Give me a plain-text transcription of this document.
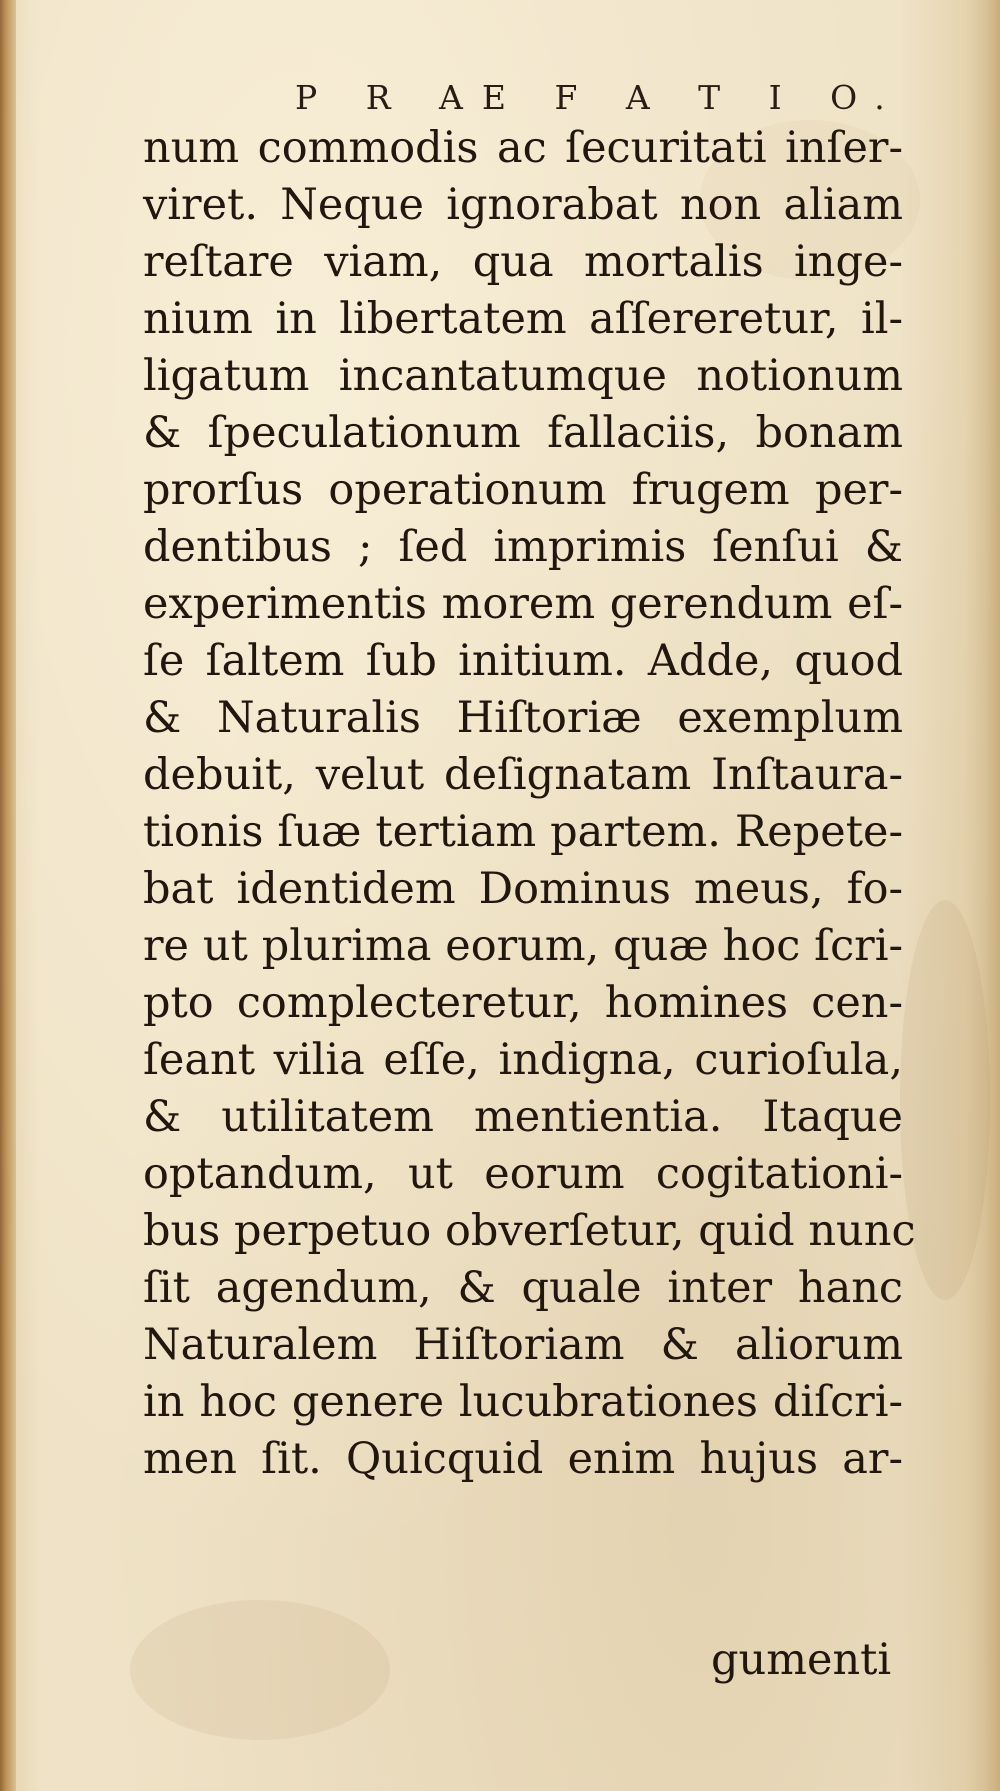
P R AE F A T I O.
num commodis ac ſecuritati inſer-
viret. Neque ignorabat non aliam
reſtare viam, qua mortalis inge-
nium in libertatem aſſereretur, il-
ligatum incantatumque notionum
& ſpeculationum fallaciis, bonam
prorſus operationum frugem per-
dentibus ; ſed imprimis ſenſui &
experimentis morem gerendum eſ-
ſe ſaltem ſub initium. Adde, quod
& Naturalis Hiſtoriæ exemplum
debuit, velut deſignatam Inſtaura-
tionis ſuæ tertiam partem. Repete-
bat identidem Dominus meus, fo-
re ut plurima eorum, quæ hoc ſcri-
pto complecteretur, homines cen-
ſeant vilia eſſe, indigna, curioſula,
& utilitatem mentientia. Itaque
optandum, ut eorum cogitationi-
bus perpetuo obverſetur, quid nunc
ſit agendum, & quale inter hanc
Naturalem Hiſtoriam & aliorum
in hoc genere lucubrationes diſcri-
men ſit. Quicquid enim hujus ar-
gumenti
